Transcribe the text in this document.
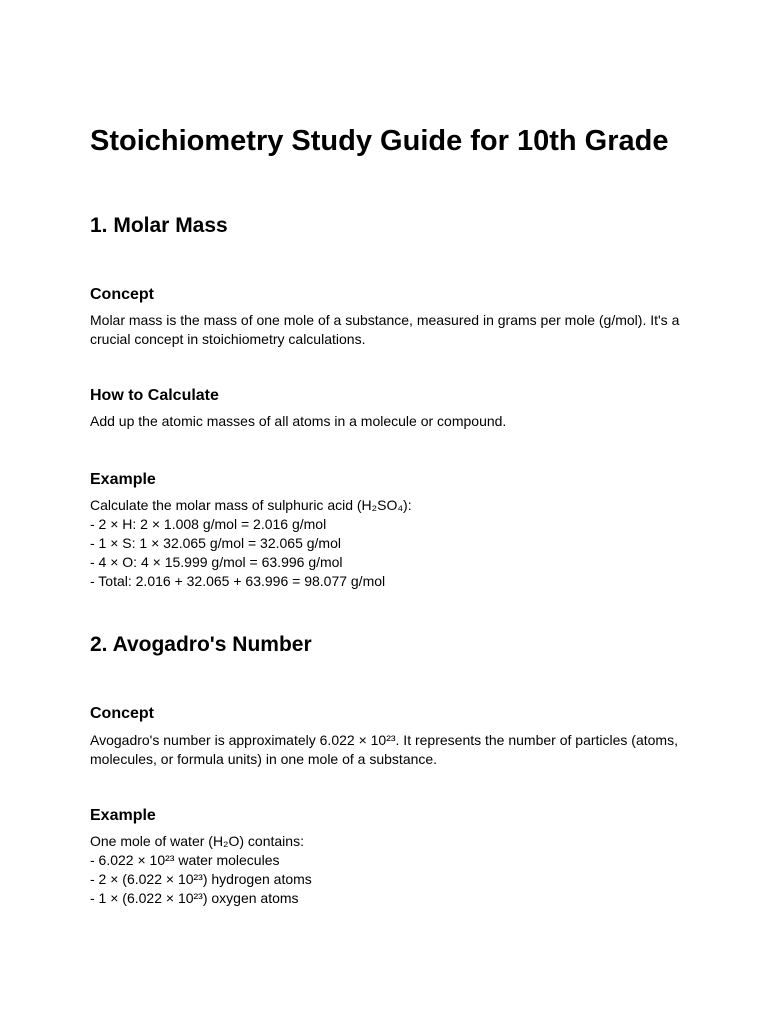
Stoichiometry Study Guide for 10th Grade
1. Molar Mass
Concept

Molar mass is the mass of one mole of a substance, measured in grams per mole (g/mol). It's a crucial concept in stoichiometry calculations.

How to Calculate

Add up the atomic masses of all atoms in a molecule or compound.

Example
Calculate the molar mass of sulphuric acid (H₂SO₄):
- 2 × H: 2 × 1.008 g/mol = 2.016 g/mol
- 1 × S: 1 × 32.065 g/mol = 32.065 g/mol
- 4 × O: 4 × 15.999 g/mol = 63.996 g/mol
- Total: 2.016 + 32.065 + 63.996 = 98.077 g/mol
2. Avogadro's Number
Concept

Avogadro's number is approximately 6.022 × 10²³. It represents the number of particles (atoms, molecules, or formula units) in one mole of a substance.

Example
One mole of water (H₂O) contains:
- 6.022 × 10²³ water molecules
- 2 × (6.022 × 10²³) hydrogen atoms
- 1 × (6.022 × 10²³) oxygen atoms
